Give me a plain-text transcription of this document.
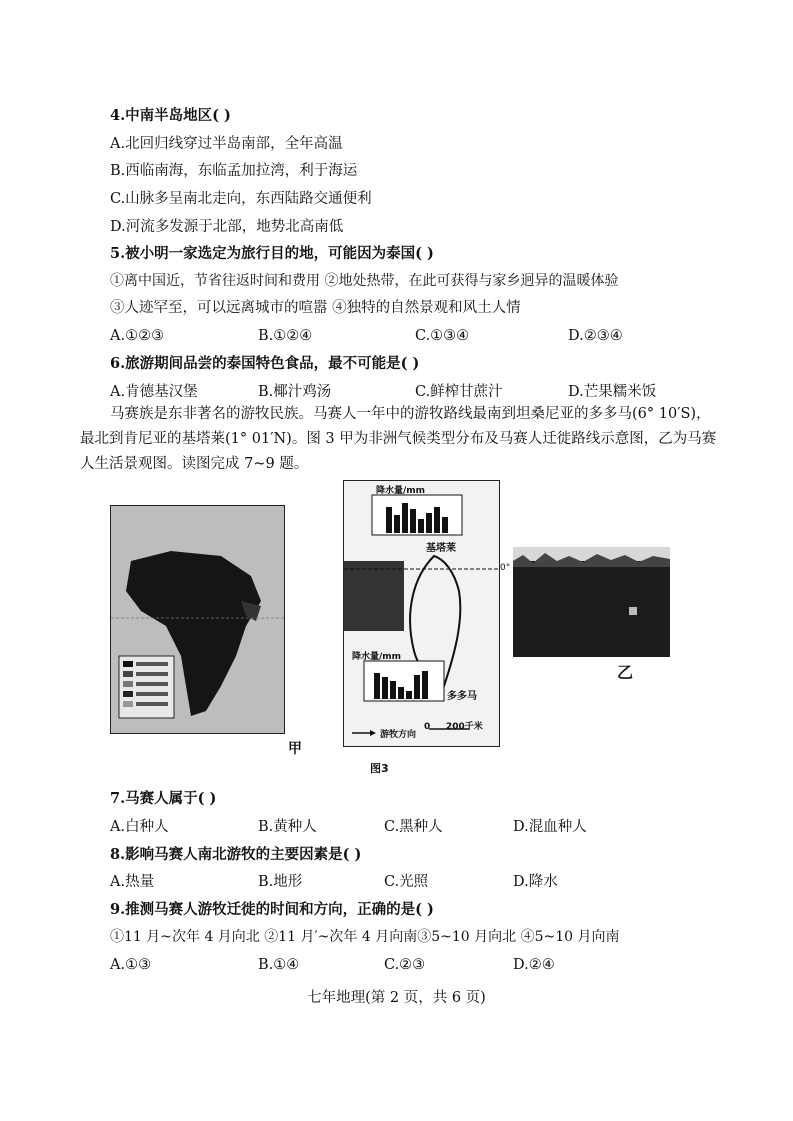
4.中南半岛地区( )
A.北回归线穿过半岛南部，全年高温
B.西临南海，东临孟加拉湾，利于海运
C.山脉多呈南北走向，东西陆路交通便利
D.河流多发源于北部，地势北高南低
5.被小明一家选定为旅行目的地，可能因为泰国( )
①离中国近，节省往返时间和费用 ②地处热带，在此可获得与家乡迥异的温暖体验
③人迹罕至，可以远离城市的喧嚣 ④独特的自然景观和风土人情
A.①②③	B.①②④	C.①③④	D.②③④
6.旅游期间品尝的泰国特色食品，最不可能是( )
A.肯德基汉堡	B.椰汁鸡汤	C.鲜榨甘蔗汁	D.芒果糯米饭
马赛族是东非著名的游牧民族。马赛人一年中的游牧路线最南到坦桑尼亚的多多马(6° 10′S)，最北到肯尼亚的基塔莱(1° 01′N)。图 3 甲为非洲气候类型分布及马赛人迁徙路线示意图，乙为马赛人生活景观图。读图完成 7~9 题。
甲
降水量/mm
基塔莱
降水量/mm
多多马
游牧方向
0     200千米
0°
图3
乙
7.马赛人属于( )
A.白种人	B.黄种人	C.黑种人	D.混血种人
8.影响马赛人南北游牧的主要因素是( )
A.热量	B.地形	C.光照	D.降水
9.推测马赛人游牧迁徙的时间和方向，正确的是( )
①11 月~次年 4 月向北 ②11 月′~次年 4 月向南③5~10 月向北 ④5~10 月向南
A.①③	B.①④	C.②③	D.②④
七年地理(第 2 页，共 6 页)
